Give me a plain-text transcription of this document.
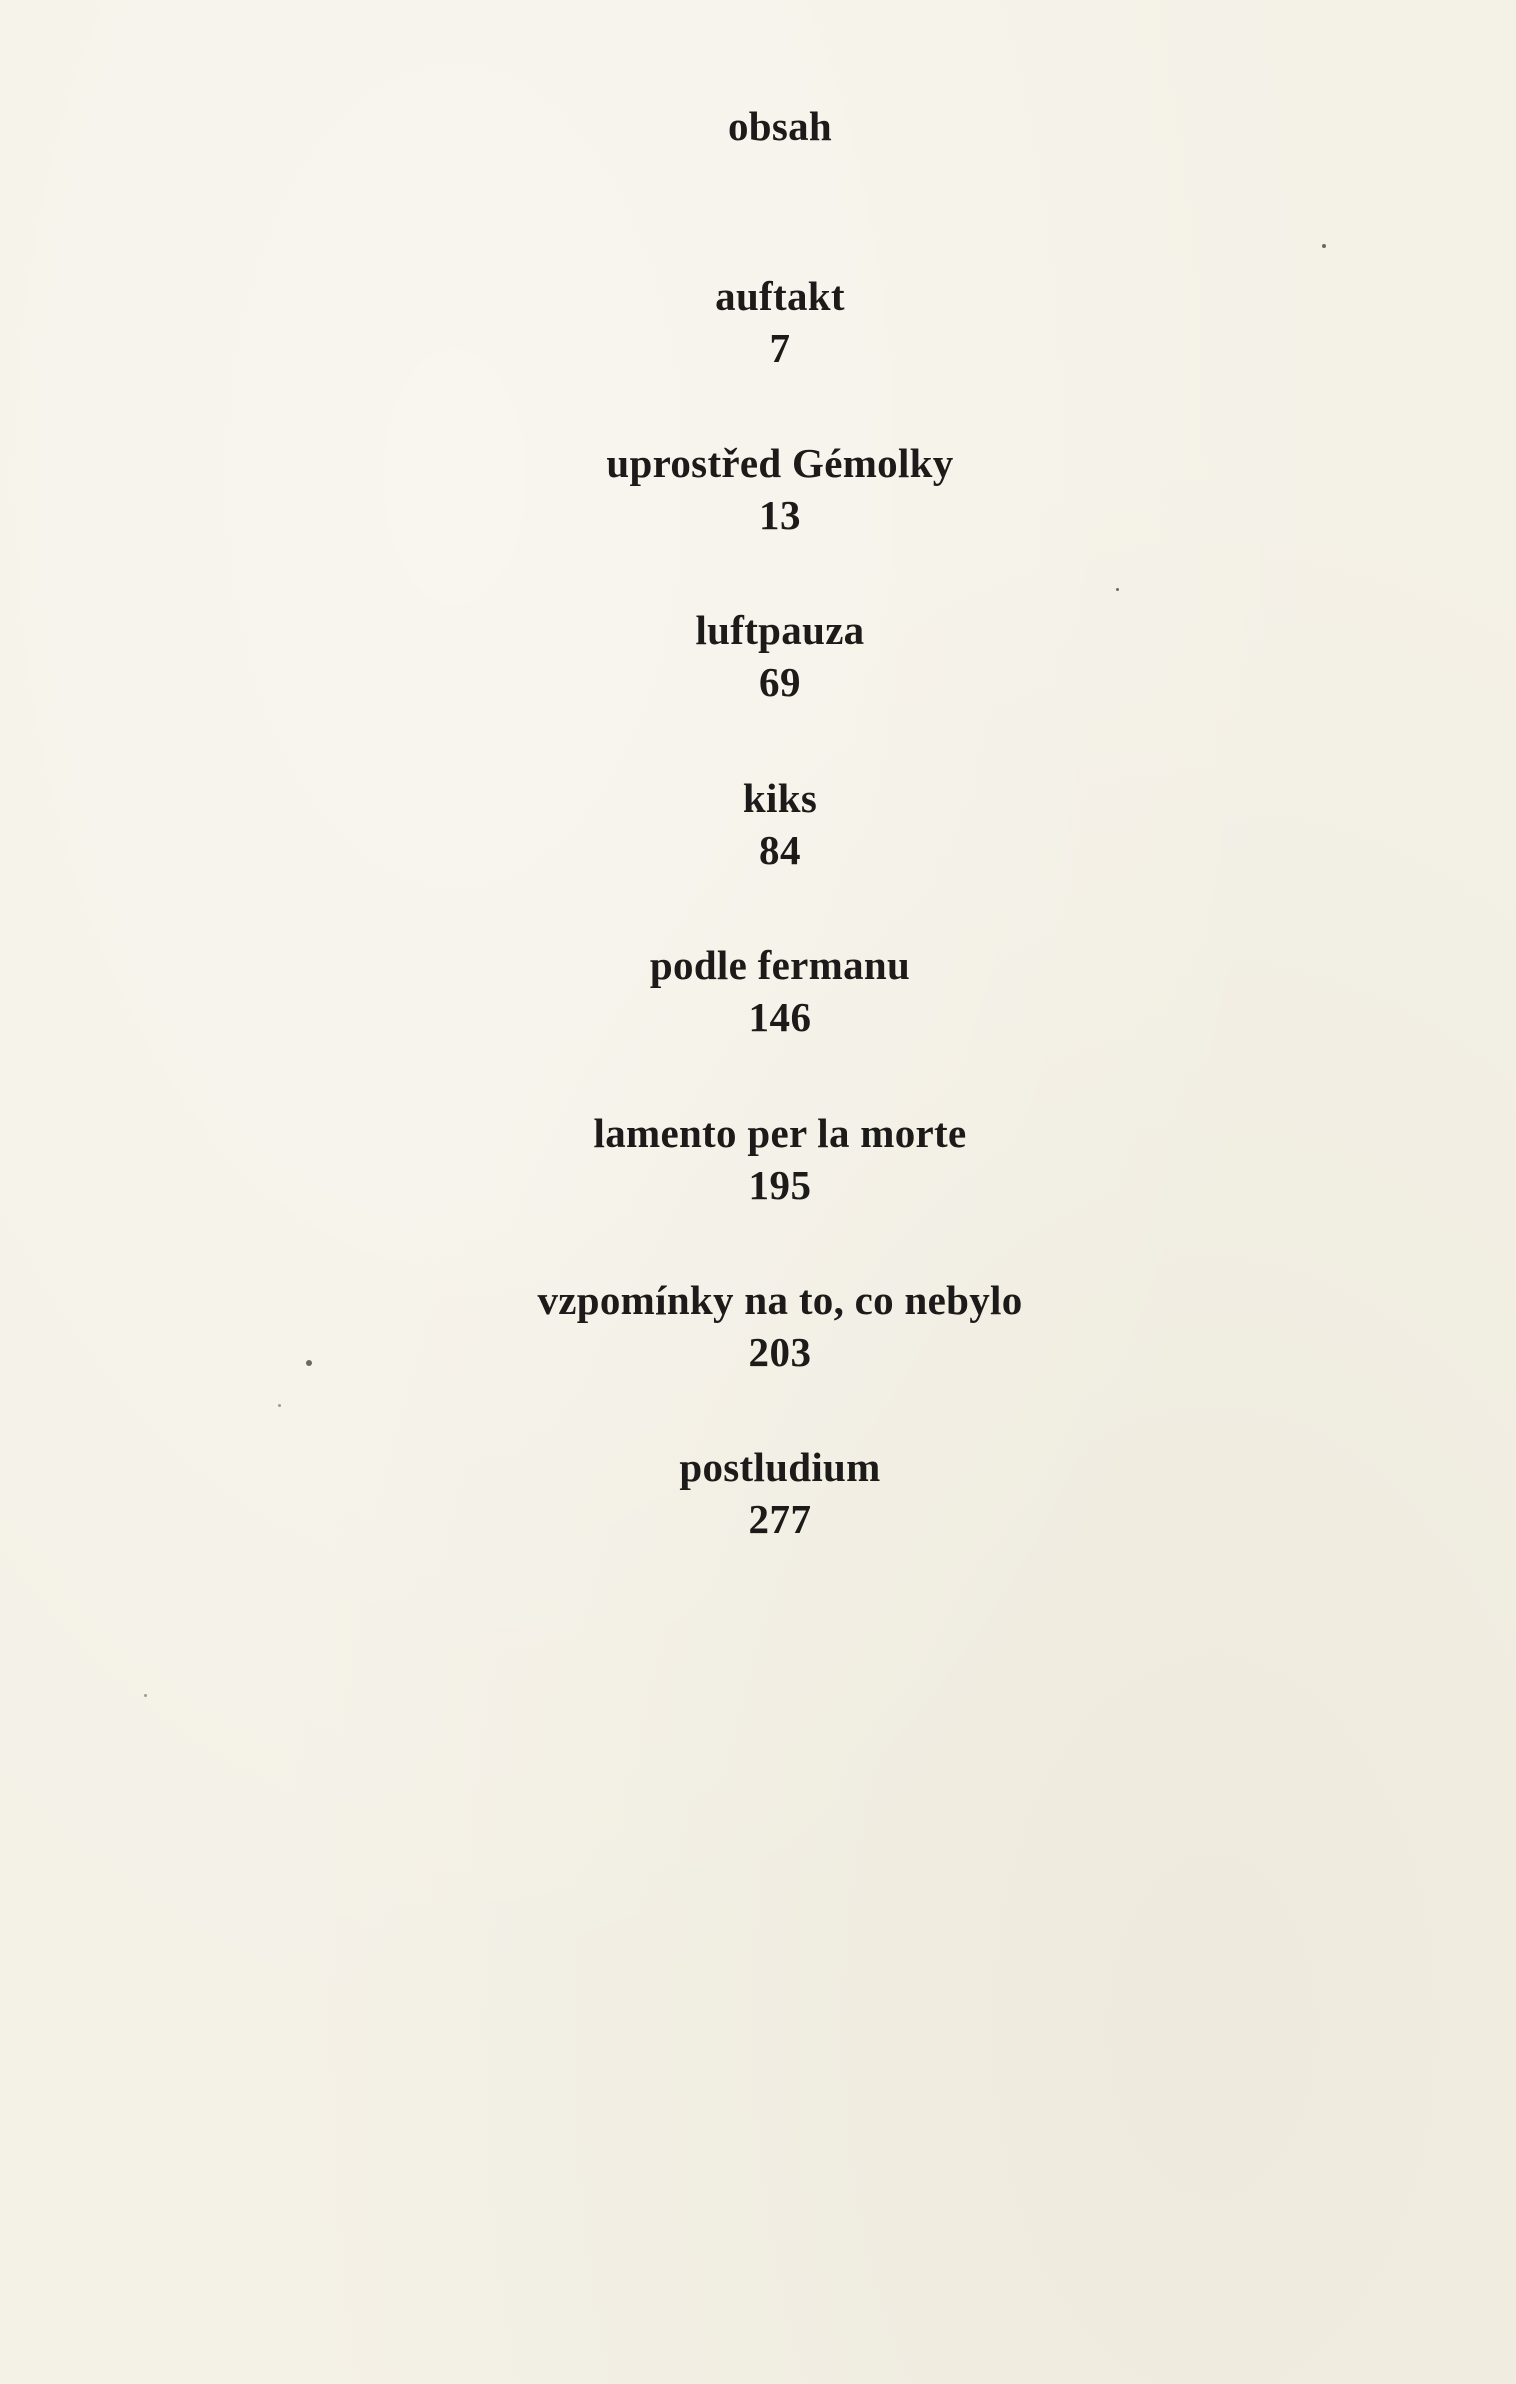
obsah
auftakt
7
uprostřed Gémolky
13
luftpauza
69
kiks
84
podle fermanu
146
lamento per la morte
195
vzpomínky na to, co nebylo
203
postludium
277
